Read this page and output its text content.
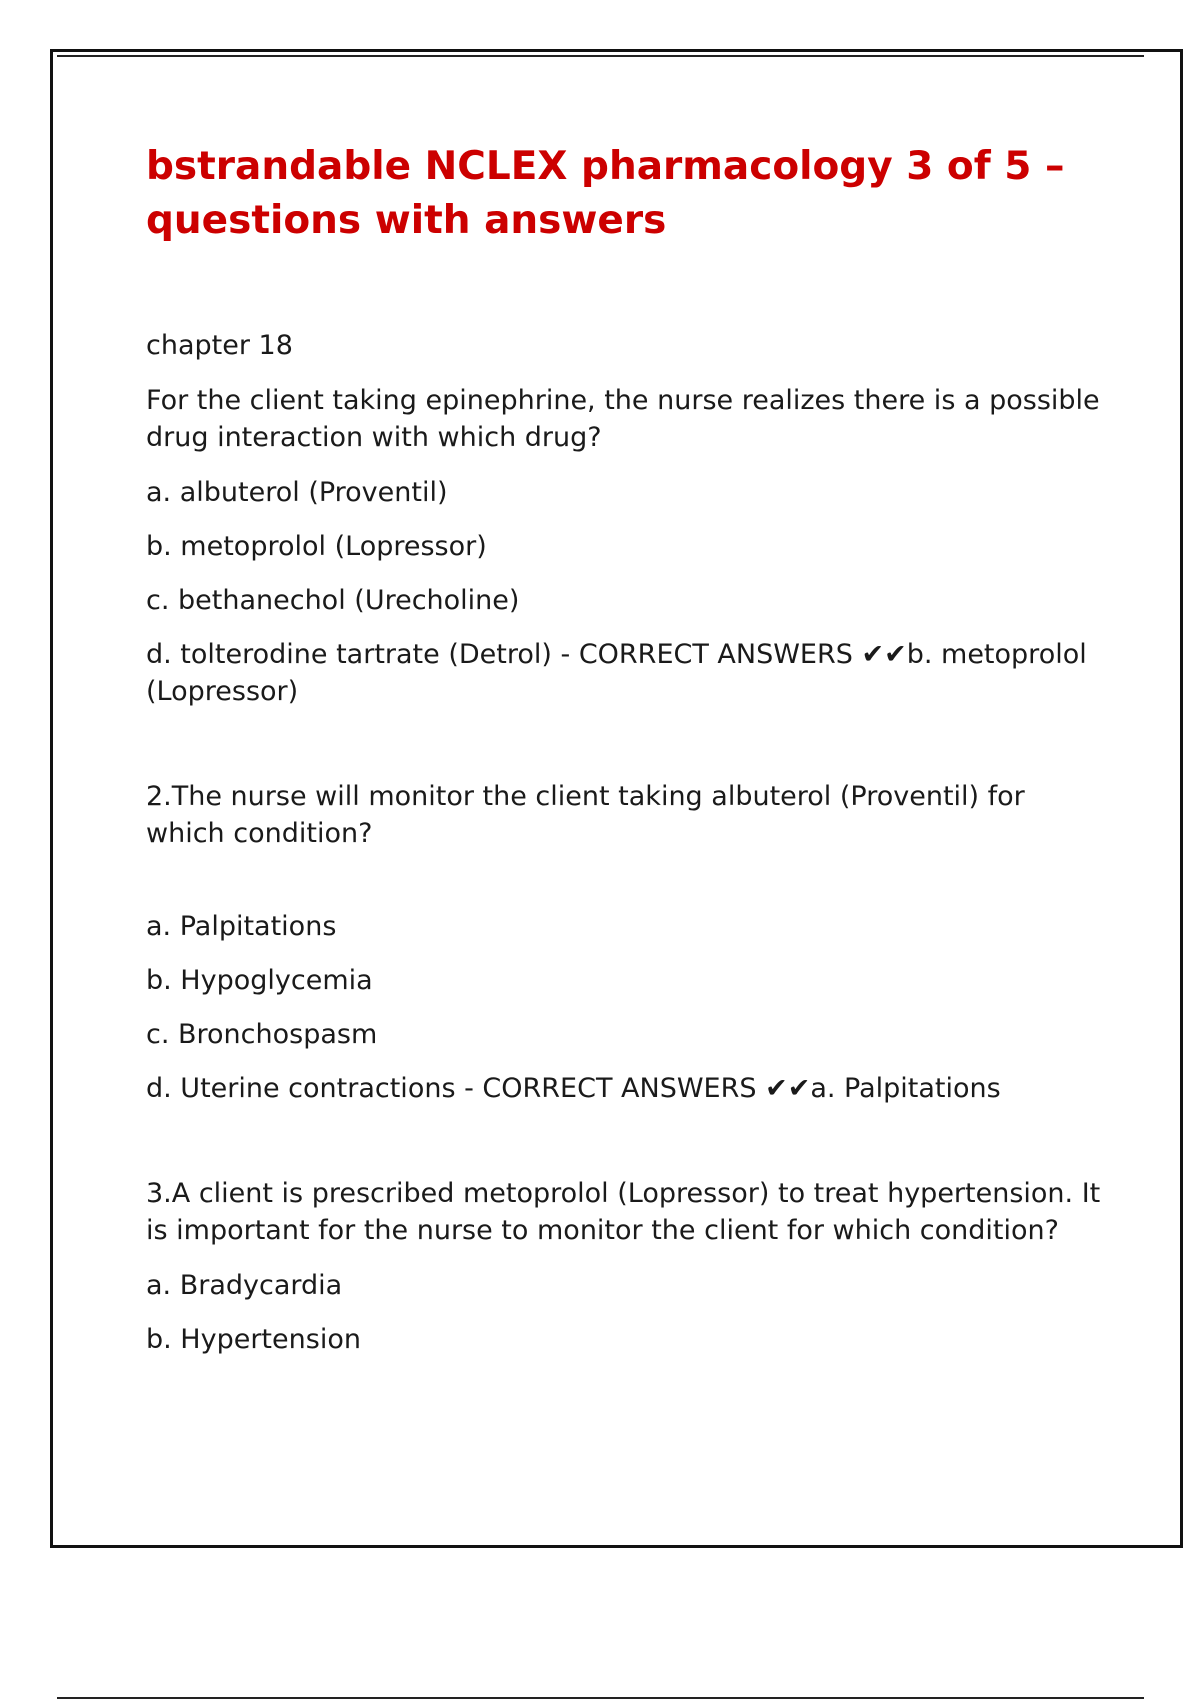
bstrandable NCLEX pharmacology 3 of 5 – questions with answers

chapter 18

For the client taking epinephrine, the nurse realizes there is a possible drug interaction with which drug?

a. albuterol (Proventil)

b. metoprolol (Lopressor)

c. bethanechol (Urecholine)

d. tolterodine tartrate (Detrol) - CORRECT ANSWERS ✔✔b. metoprolol (Lopressor)

2.The nurse will monitor the client taking albuterol (Proventil) for which condition?

a. Palpitations

b. Hypoglycemia

c. Bronchospasm

d. Uterine contractions - CORRECT ANSWERS ✔✔a. Palpitations

3.A client is prescribed metoprolol (Lopressor) to treat hypertension. It is important for the nurse to monitor the client for which condition?

a. Bradycardia

b. Hypertension
